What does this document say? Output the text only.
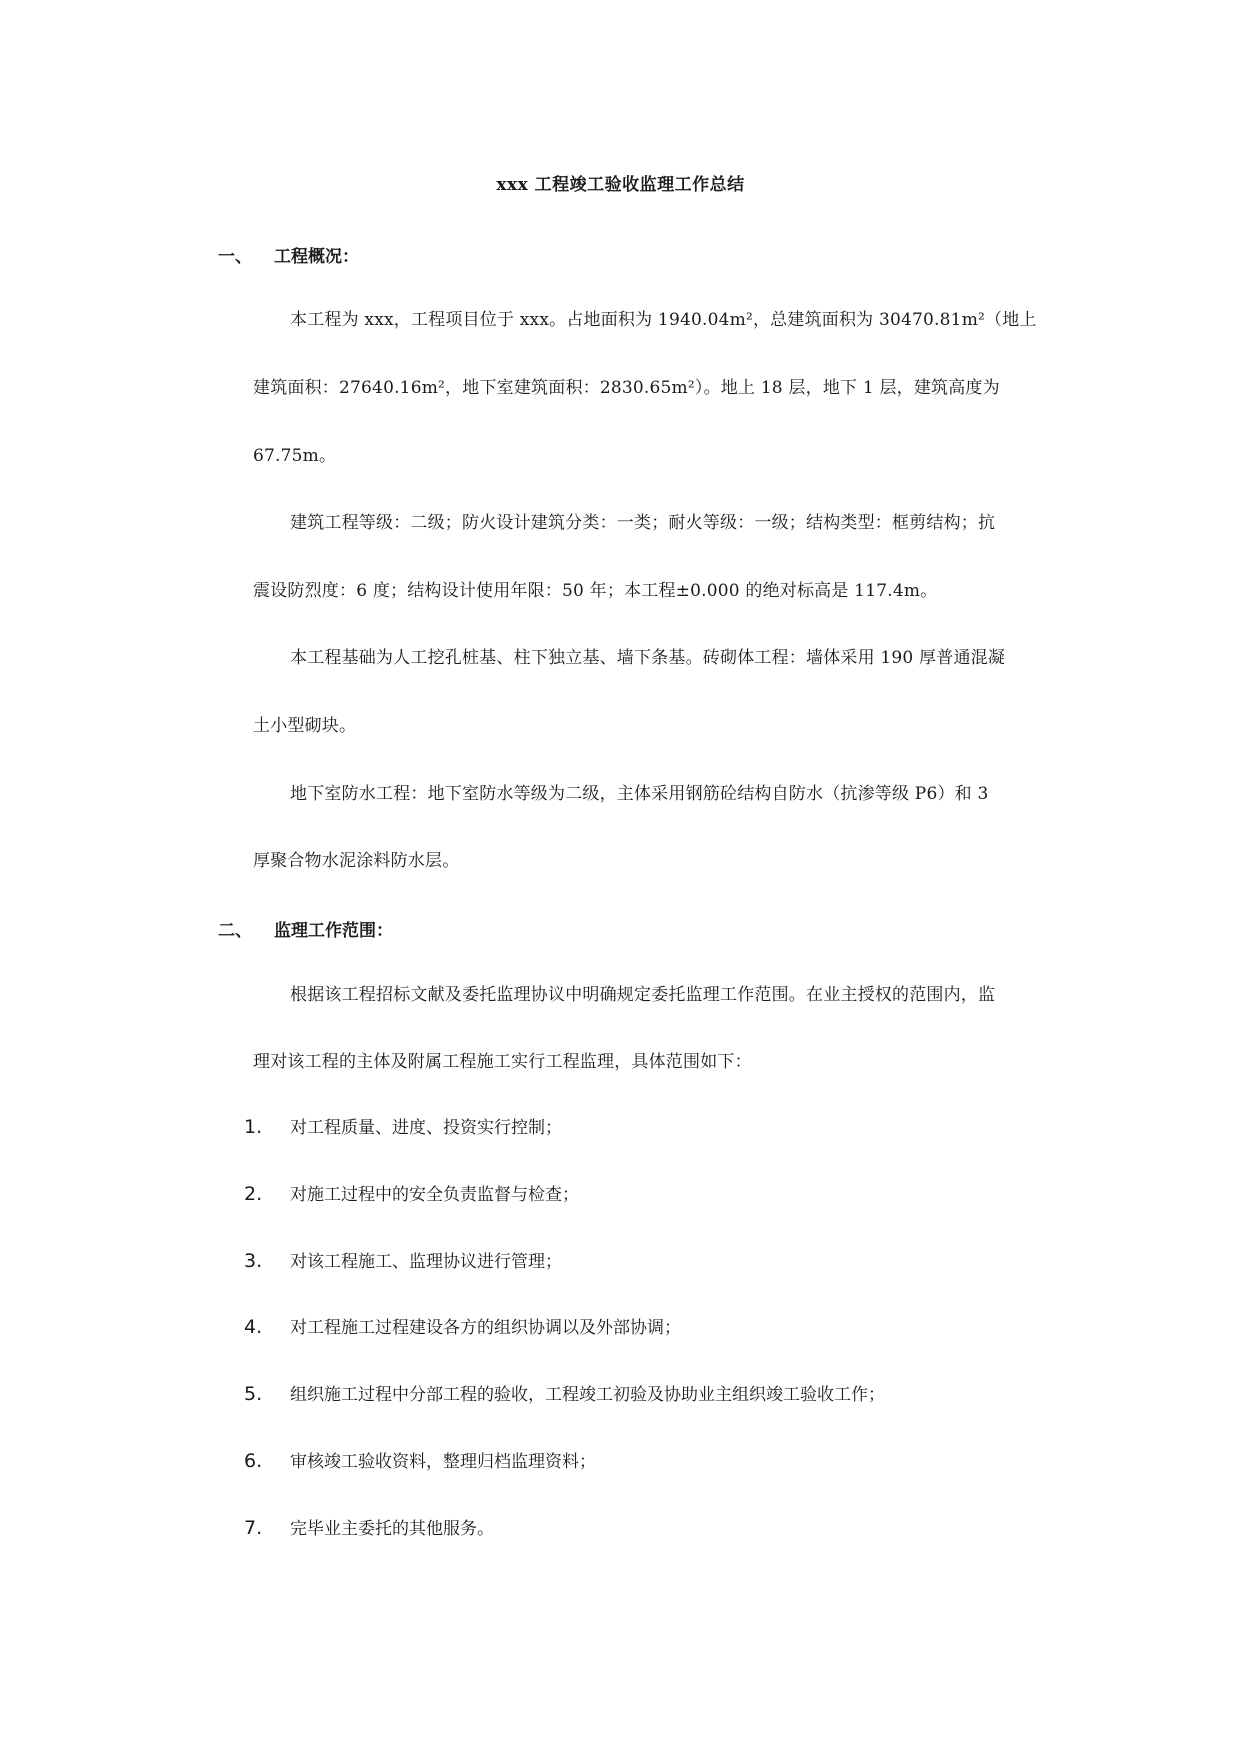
xxx 工程竣工验收监理工作总结
一、 工程概况：
本工程为 xxx，工程项目位于 xxx。占地面积为 1940.04m²，总建筑面积为 30470.81m²（地上
建筑面积：27640.16m²，地下室建筑面积：2830.65m²）。地上 18 层，地下 1 层，建筑高度为
67.75m。
建筑工程等级：二级；防火设计建筑分类：一类；耐火等级：一级；结构类型：框剪结构；抗
震设防烈度：6 度；结构设计使用年限：50 年；本工程±0.000 的绝对标高是 117.4m。
本工程基础为人工挖孔桩基、柱下独立基、墙下条基。砖砌体工程：墙体采用 190 厚普通混凝
土小型砌块。
地下室防水工程：地下室防水等级为二级，主体采用钢筋砼结构自防水（抗渗等级 P6）和 3
厚聚合物水泥涂料防水层。
二、 监理工作范围：
根据该工程招标文献及委托监理协议中明确规定委托监理工作范围。在业主授权的范围内，监
理对该工程的主体及附属工程施工实行工程监理，具体范围如下：
1. 对工程质量、进度、投资实行控制；
2. 对施工过程中的安全负责监督与检查；
3. 对该工程施工、监理协议进行管理；
4. 对工程施工过程建设各方的组织协调以及外部协调；
5. 组织施工过程中分部工程的验收，工程竣工初验及协助业主组织竣工验收工作；
6. 审核竣工验收资料，整理归档监理资料；
7. 完毕业主委托的其他服务。
